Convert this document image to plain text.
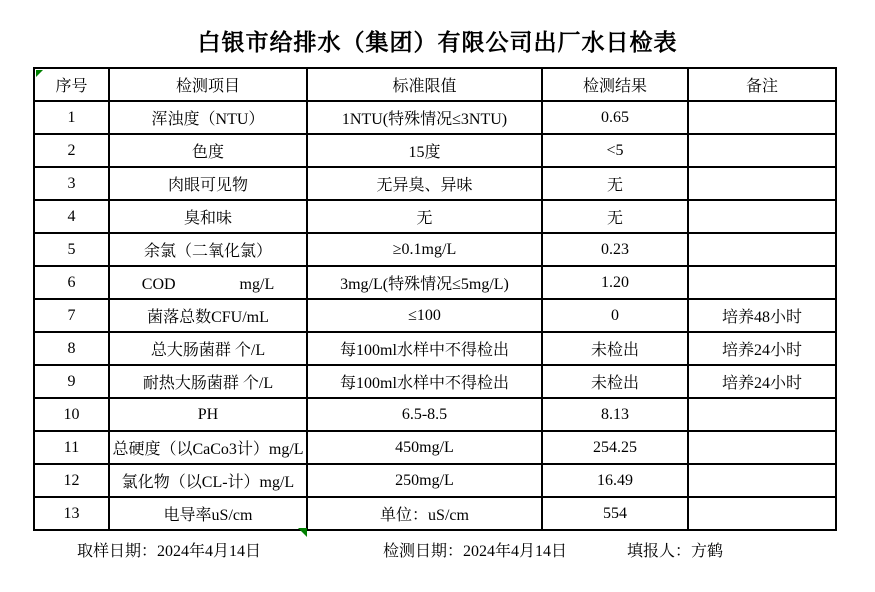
白银市给排水（集团）有限公司出厂水日检表
序号	检测项目	标准限值	检测结果	备注
1	浑浊度（NTU）	1NTU(特殊情况≤3NTU)	0.65	
2	色度	15度	<5	
3	肉眼可见物	无异臭、异味	无	
4	臭和味	无	无	
5	余氯（二氧化氯）	≥0.1mg/L	0.23	
6	COD　　　　mg/L	3mg/L(特殊情况≤5mg/L)	1.20	
7	菌落总数CFU/mL	≤100	0	培养48小时
8	总大肠菌群 个/L	每100ml水样中不得检出	未检出	培养24小时
9	耐热大肠菌群 个/L	每100ml水样中不得检出	未检出	培养24小时
10	PH	6.5-8.5	8.13	
11	总硬度（以CaCo3计）mg/L	450mg/L	254.25	
12	氯化物（以CL-计）mg/L	250mg/L	16.49	
13	电导率uS/cm	单位：uS/cm	554	
取样日期：2024年4月14日	检测日期：2024年4月14日	填报人：方鹤
